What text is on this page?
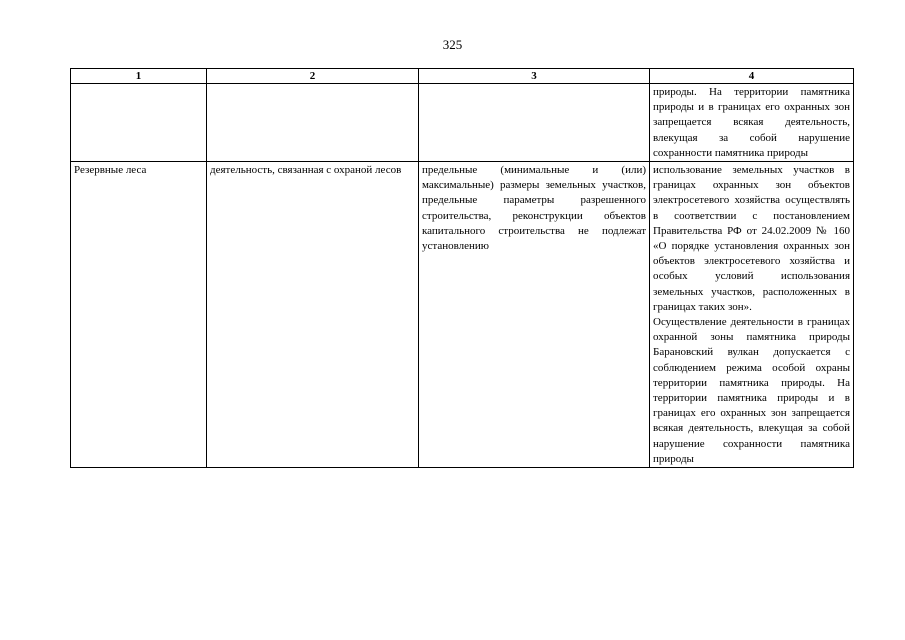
325
1	2	3	4
			природы. На территории памятника природы и в границах его охранных зон запрещается всякая деятельность, влекущая за собой нарушение сохранности памятника природы
Резервные леса	деятельность, связанная с охраной лесов	предельные (минимальные и (или) максимальные) размеры земельных участков, предельные параметры разрешенного строительства, реконструкции объектов капитального строительства не подлежат установлению	использование земельных участков в границах охранных зон объектов электросетевого хозяйства осуществлять в соответствии с постановлением Правительства РФ от 24.02.2009 № 160 «О порядке установления охранных зон объектов электросетевого хозяйства и особых условий использования земельных участков, расположенных в границах таких зон».
Осуществление деятельности в границах охранной зоны памятника природы Барановский вулкан допускается с соблюдением режима особой охраны территории памятника природы. На территории памятника природы и в границах его охранных зон запрещается всякая деятельность, влекущая за собой нарушение сохранности памятника природы
